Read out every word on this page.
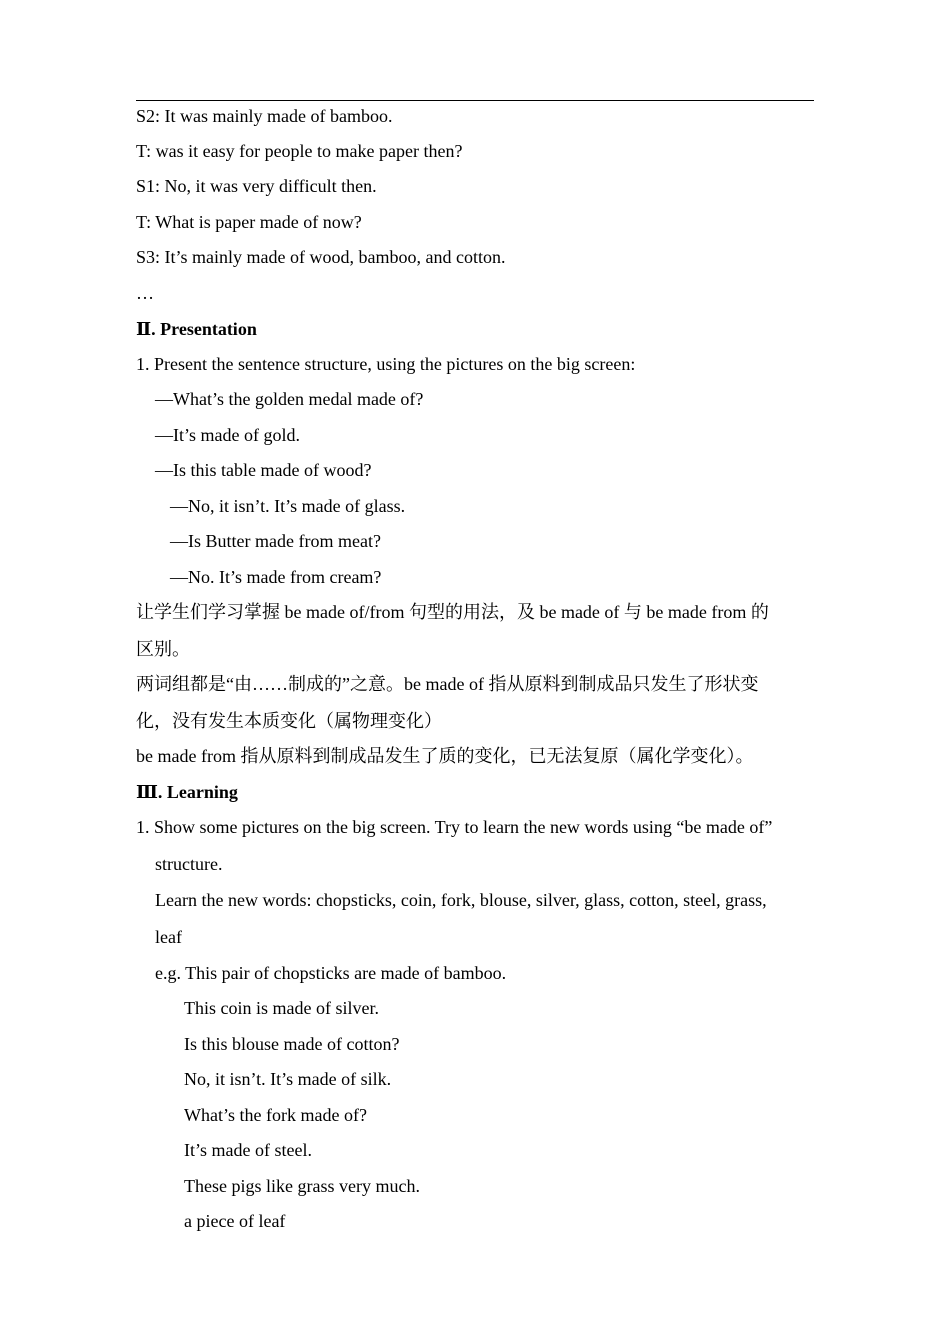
S2: It was mainly made of bamboo.
T: was it easy for people to make paper then?
S1: No, it was very difficult then.
T: What is paper made of now?
S3: It’s mainly made of wood, bamboo, and cotton.
…
Ⅱ. Presentation
1. Present the sentence structure, using the pictures on the big screen:
—What’s the golden medal made of?
—It’s made of gold.
—Is this table made of wood?
—No, it isn’t. It’s made of glass.
—Is Butter made from meat?
—No. It’s made from cream?
让学生们学习掌握 be made of/from 句型的用法，及 be made of 与 be made from 的
区别。
两词组都是“由……制成的”之意。be made of 指从原料到制成品只发生了形状变
化，没有发生本质变化（属物理变化）
be made from 指从原料到制成品发生了质的变化，已无法复原（属化学变化）。
Ⅲ. Learning
1. Show some pictures on the big screen. Try to learn the new words using “be made of”
structure.
Learn the new words: chopsticks, coin, fork, blouse, silver, glass, cotton, steel, grass,
leaf
e.g. This pair of chopsticks are made of bamboo.
This coin is made of silver.
Is this blouse made of cotton?
No, it isn’t. It’s made of silk.
What’s the fork made of?
It’s made of steel.
These pigs like grass very much.
a piece of leaf
